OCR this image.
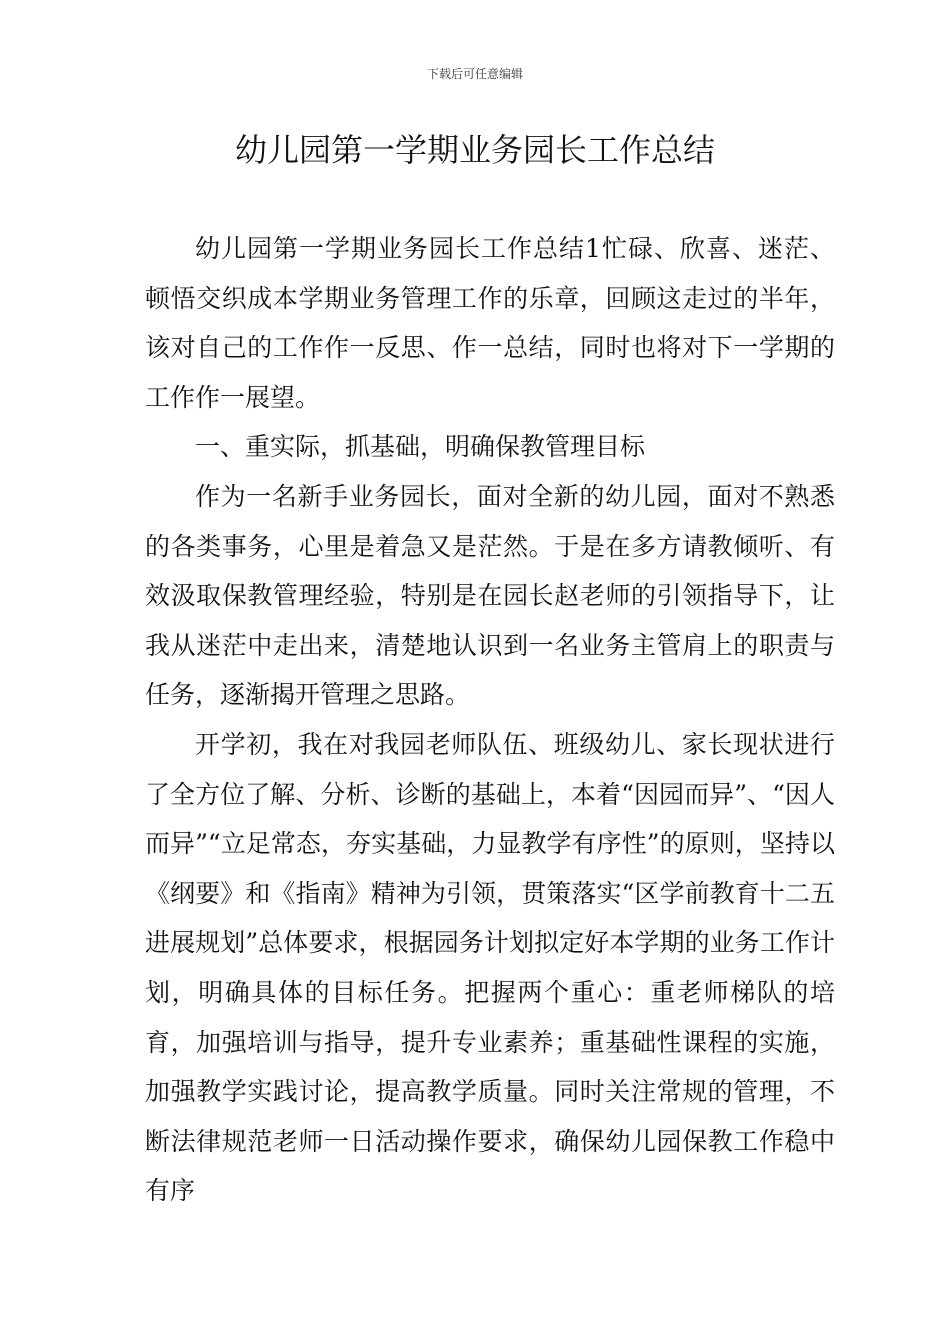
下载后可任意编辑
幼儿园第一学期业务园长工作总结

幼儿园第一学期业务园长工作总结1忙碌、欣喜、迷茫、顿悟交织成本学期业务管理工作的乐章，回顾这走过的半年，该对自己的工作作一反思、作一总结，同时也将对下一学期的工作作一展望。

一、重实际，抓基础，明确保教管理目标

作为一名新手业务园长，面对全新的幼儿园，面对不熟悉的各类事务，心里是着急又是茫然。于是在多方请教倾听、有效汲取保教管理经验，特别是在园长赵老师的引领指导下，让我从迷茫中走出来，清楚地认识到一名业务主管肩上的职责与任务，逐渐揭开管理之思路。

开学初，我在对我园老师队伍、班级幼儿、家长现状进行了全方位了解、分析、诊断的基础上，本着“因园而异”、“因人而异”“立足常态，夯实基础，力显教学有序性”的原则，坚持以《纲要》和《指南》精神为引领，贯策落实“区学前教育十二五进展规划”总体要求，根据园务计划拟定好本学期的业务工作计划，明确具体的目标任务。把握两个重心：重老师梯队的培育，加强培训与指导，提升专业素养；重基础性课程的实施，加强教学实践讨论，提高教学质量。同时关注常规的管理，不断法律规范老师一日活动操作要求，确保幼儿园保教工作稳中有序
